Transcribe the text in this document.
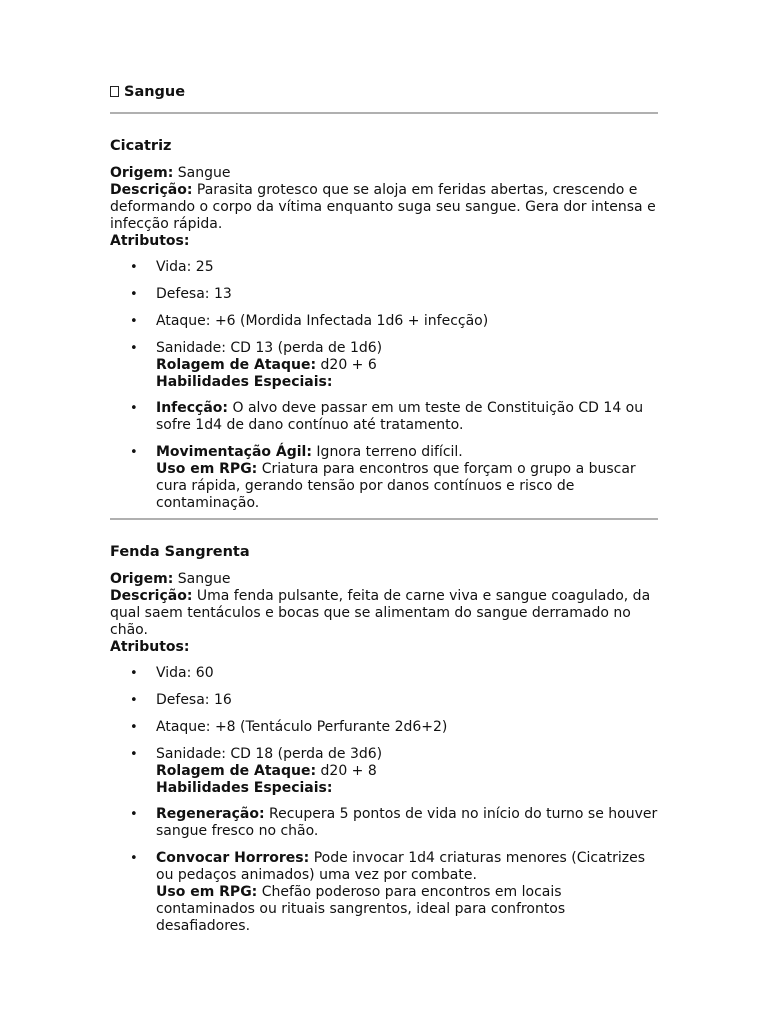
Sangue
Cicatriz

Origem: Sangue

Descrição: Parasita grotesco que se aloja em feridas abertas, crescendo e deformando o corpo da vítima enquanto suga seu sangue. Gera dor intensa e infecção rápida.

Atributos:

• Vida: 25
• Defesa: 13
• Ataque: +6 (Mordida Infectada 1d6 + infecção)
• Sanidade: CD 13 (perda de 1d6)
Rolagem de Ataque: d20 + 6
Habilidades Especiais:
• Infecção: O alvo deve passar em um teste de Constituição CD 14 ou sofre 1d4 de dano contínuo até tratamento.
• Movimentação Ágil: Ignora terreno difícil.
Uso em RPG: Criatura para encontros que forçam o grupo a buscar cura rápida, gerando tensão por danos contínuos e risco de contaminação.
Fenda Sangrenta

Origem: Sangue

Descrição: Uma fenda pulsante, feita de carne viva e sangue coagulado, da qual saem tentáculos e bocas que se alimentam do sangue derramado no chão.

Atributos:

• Vida: 60
• Defesa: 16
• Ataque: +8 (Tentáculo Perfurante 2d6+2)
• Sanidade: CD 18 (perda de 3d6)
Rolagem de Ataque: d20 + 8
Habilidades Especiais:
• Regeneração: Recupera 5 pontos de vida no início do turno se houver sangue fresco no chão.
• Convocar Horrores: Pode invocar 1d4 criaturas menores (Cicatrizes ou pedaços animados) uma vez por combate.
Uso em RPG: Chefão poderoso para encontros em locais contaminados ou rituais sangrentos, ideal para confrontos desafiadores.
